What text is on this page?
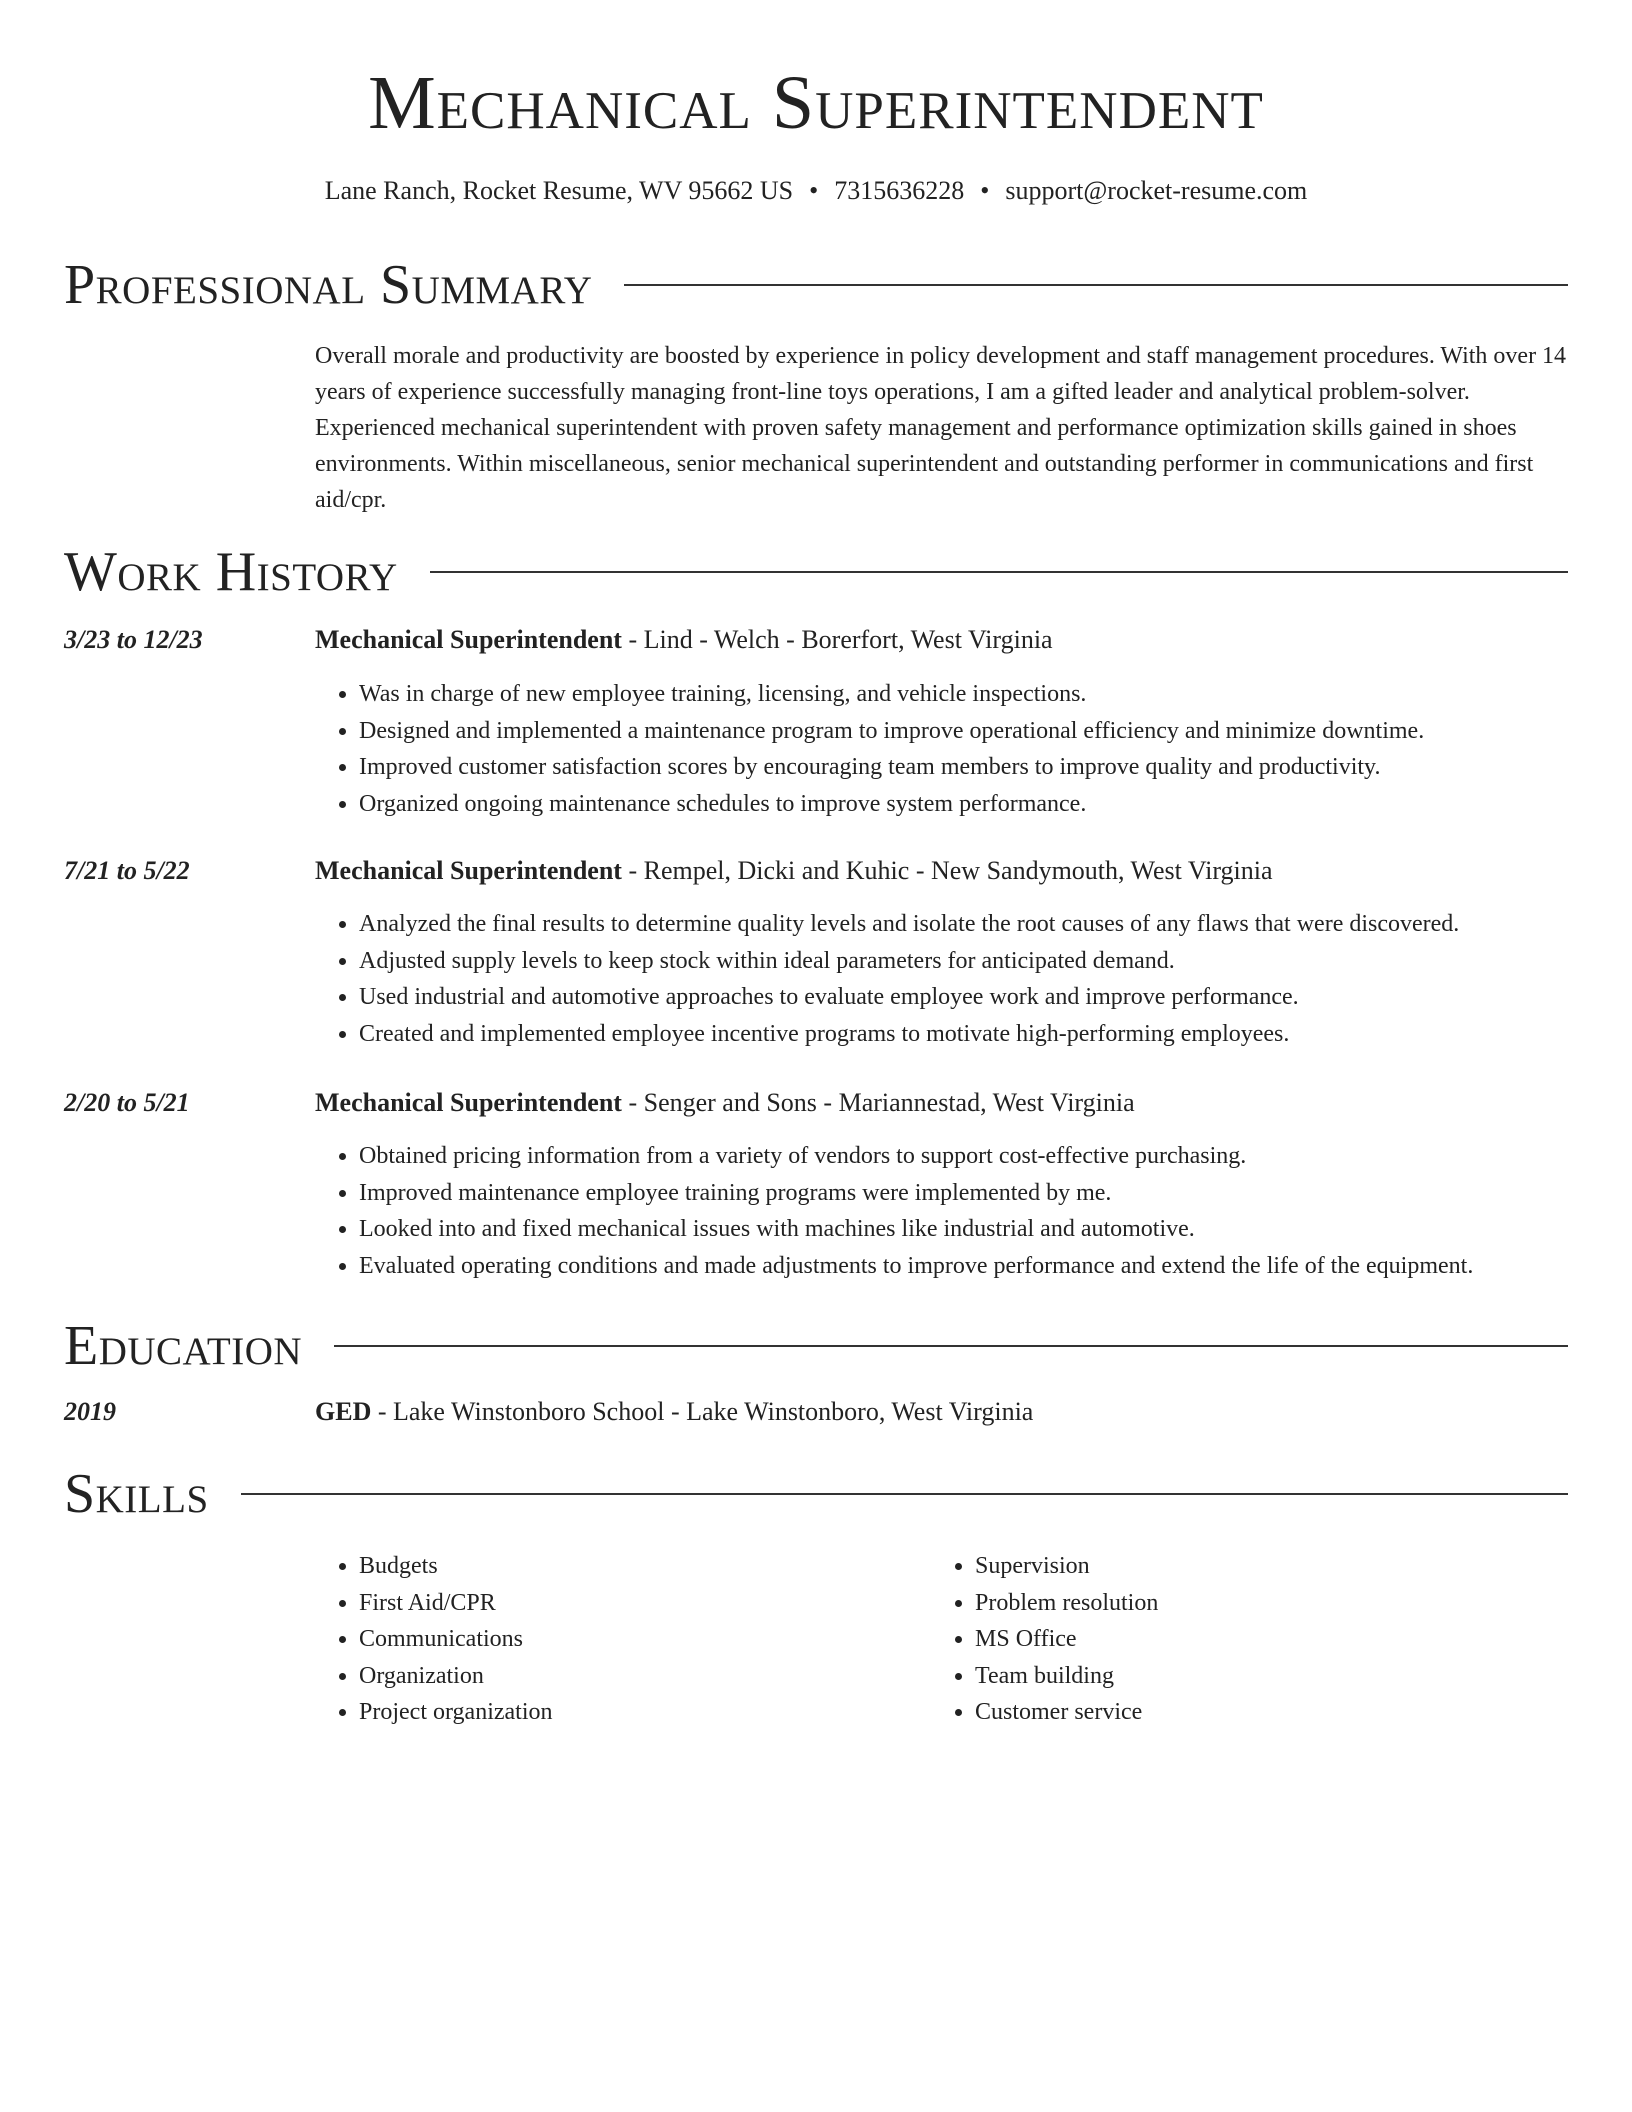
Mechanical Superintendent
Lane Ranch, Rocket Resume, WV 95662 US • 7315636228 • support@rocket-resume.com
Professional Summary
Overall morale and productivity are boosted by experience in policy development and staff management procedures. With over 14 years of experience successfully managing front-line toys operations, I am a gifted leader and analytical problem-solver. Experienced mechanical superintendent with proven safety management and performance optimization skills gained in shoes environments. Within miscellaneous, senior mechanical superintendent and outstanding performer in communications and first aid/cpr.
Work History
3/23 to 12/23	Mechanical Superintendent - Lind - Welch - Borerfort, West Virginia
• Was in charge of new employee training, licensing, and vehicle inspections.
• Designed and implemented a maintenance program to improve operational efficiency and minimize downtime.
• Improved customer satisfaction scores by encouraging team members to improve quality and productivity.
• Organized ongoing maintenance schedules to improve system performance.
7/21 to 5/22	Mechanical Superintendent - Rempel, Dicki and Kuhic - New Sandymouth, West Virginia
• Analyzed the final results to determine quality levels and isolate the root causes of any flaws that were discovered.
• Adjusted supply levels to keep stock within ideal parameters for anticipated demand.
• Used industrial and automotive approaches to evaluate employee work and improve performance.
• Created and implemented employee incentive programs to motivate high-performing employees.
2/20 to 5/21	Mechanical Superintendent - Senger and Sons - Mariannestad, West Virginia
• Obtained pricing information from a variety of vendors to support cost-effective purchasing.
• Improved maintenance employee training programs were implemented by me.
• Looked into and fixed mechanical issues with machines like industrial and automotive.
• Evaluated operating conditions and made adjustments to improve performance and extend the life of the equipment.
Education
2019	GED - Lake Winstonboro School - Lake Winstonboro, West Virginia
Skills
• Budgets
• First Aid/CPR
• Communications
• Organization
• Project organization
• Supervision
• Problem resolution
• MS Office
• Team building
• Customer service
